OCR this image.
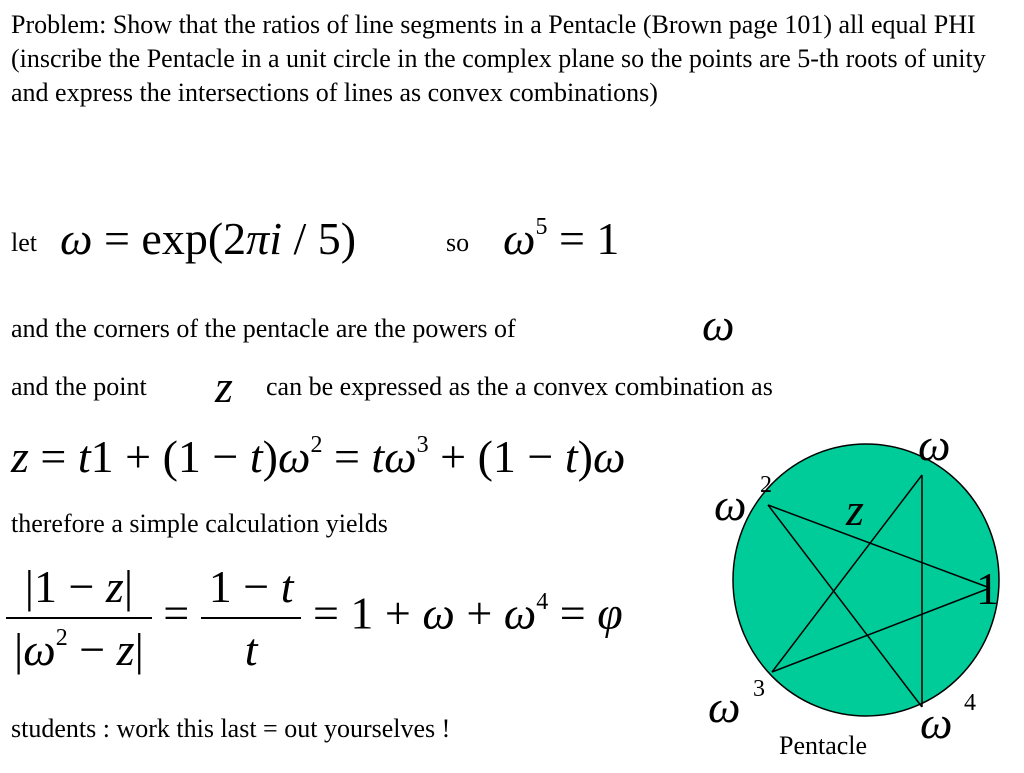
Problem: Show that the ratios of line segments in a Pentacle (Brown page 101) all equal PHI (inscribe the Pentacle in a unit circle in the complex plane so the points are 5-th roots of unity and express the intersections of lines as convex combinations)
let ω = exp(2πi / 5)	so $\omega^5 = 1$
and the corners of the pentacle are the powers of	ω
and the point z can be expressed as the a convex combination as
$z = t1 + (1 - t)\omega^2 = t\omega^3 + (1 - t)\omega$
therefore a simple calculation yields
$\frac{|1 - z|}{|\omega^2 - z|} = \frac{1 - t}{t} = 1 + \omega + \omega^4 = \varphi$
students : work this last = out yourselves !
ω
ω z
ω	ω
2
3
4
1
Pentacle
